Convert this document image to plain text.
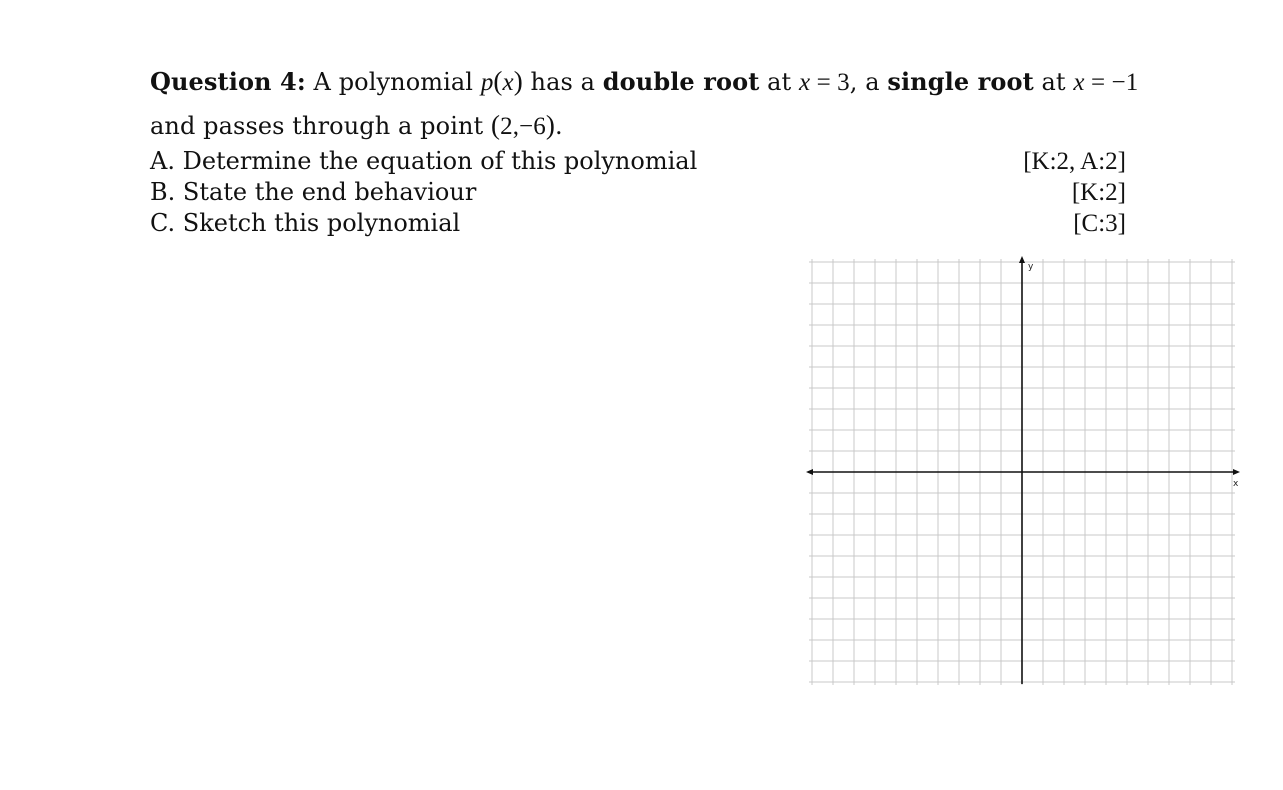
Question 4: A polynomial p(x) has a double root at x = 3, a single root at x = −1
and passes through a point (2,−6).
A. Determine the equation of this polynomial	[K:2, A:2]
B. State the end behaviour	[K:2]
C. Sketch this polynomial	[C:3]
x
y
